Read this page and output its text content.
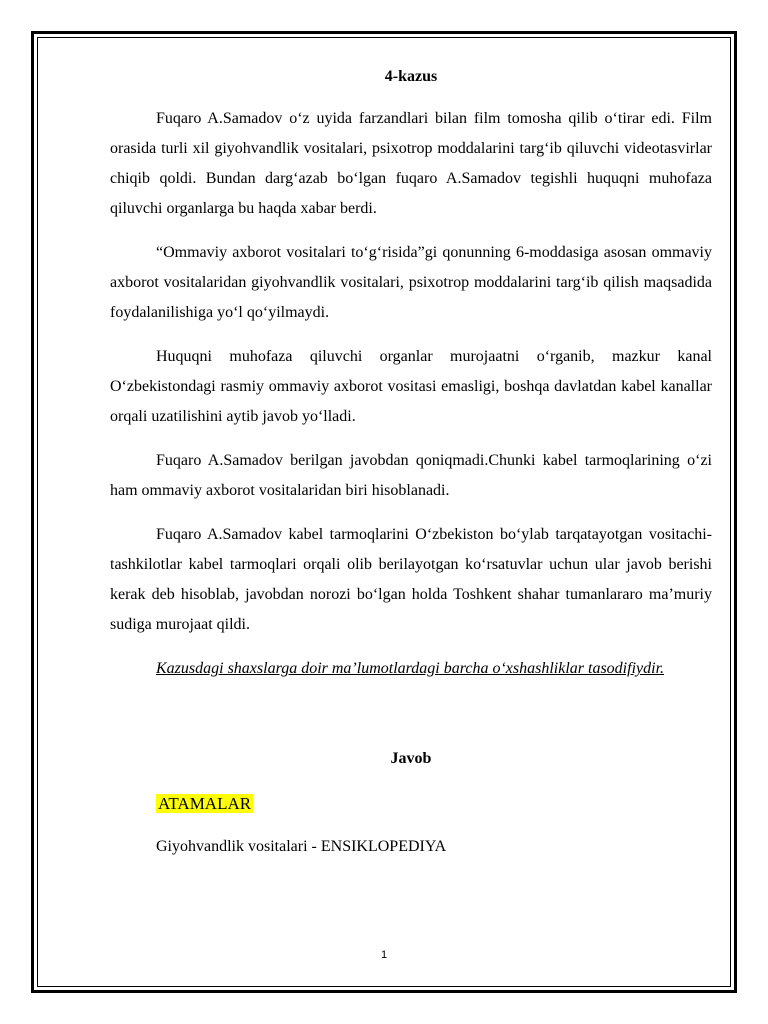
4-kazus

Fuqaro A.Samadov o‘z uyida farzandlari bilan film tomosha qilib o‘tirar edi. Film orasida turli xil giyohvandlik vositalari, psixotrop moddalarini targ‘ib qiluvchi videotasvirlar chiqib qoldi. Bundan darg‘azab bo‘lgan fuqaro A.Samadov tegishli huquqni muhofaza qiluvchi organlarga bu haqda xabar berdi.

“Ommaviy axborot vositalari to‘g‘risida”gi qonunning 6-moddasiga asosan ommaviy axborot vositalaridan giyohvandlik vositalari, psixotrop moddalarini targ‘ib qilish maqsadida foydalanilishiga yo‘l qo‘yilmaydi.

Huquqni muhofaza qiluvchi organlar murojaatni o‘rganib, mazkur kanal O‘zbekistondagi rasmiy ommaviy axborot vositasi emasligi, boshqa davlatdan kabel kanallar orqali uzatilishini aytib javob yo‘lladi.

Fuqaro A.Samadov berilgan javobdan qoniqmadi.Chunki kabel tarmoqlarining o‘zi ham ommaviy axborot vositalaridan biri hisoblanadi.

Fuqaro A.Samadov kabel tarmoqlarini O‘zbekiston bo‘ylab tarqatayotgan vositachi-tashkilotlar kabel tarmoqlari orqali olib berilayotgan ko‘rsatuvlar uchun ular javob berishi kerak deb hisoblab, javobdan norozi bo‘lgan holda Toshkent shahar tumanlararo ma’muriy sudiga murojaat qildi.

Kazusdagi shaxslarga doir ma’lumotlardagi barcha o‘xshashliklar tasodifiydir.

Javob
ATAMALAR
Giyohvandlik vositalari - ENSIKLOPEDIYA
1
